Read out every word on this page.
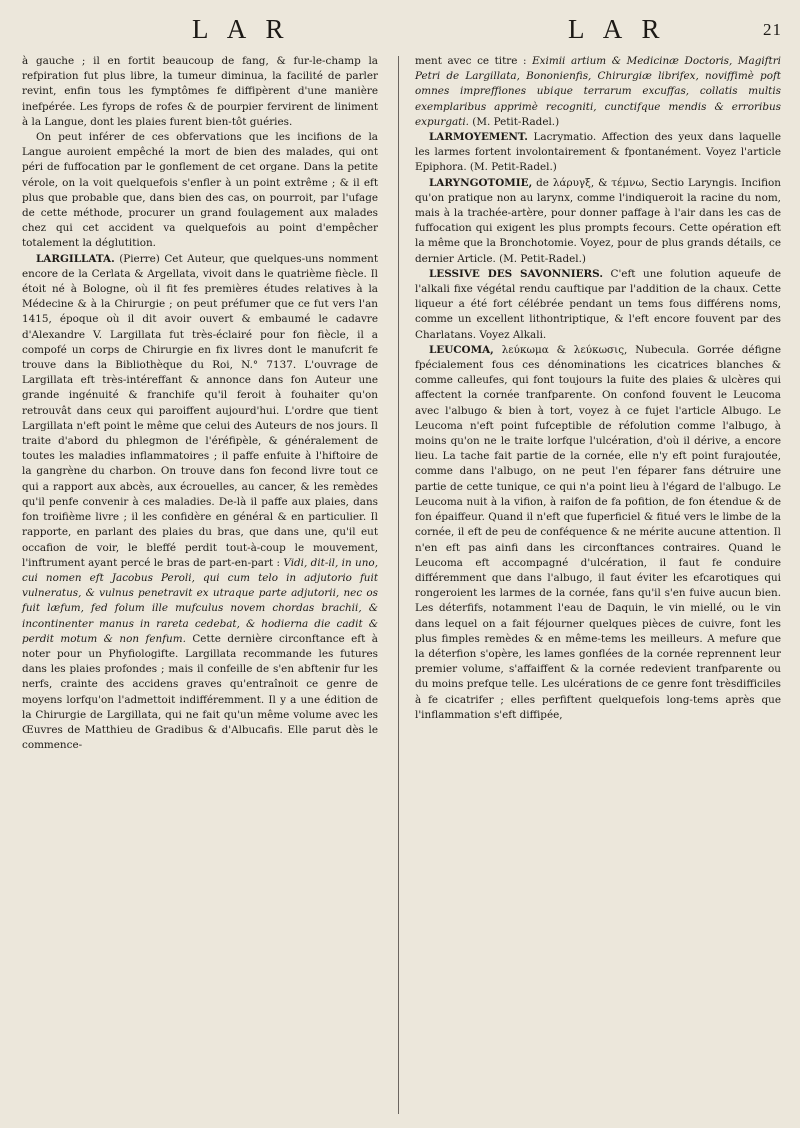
L A R	L A R	21

à gauche ; il en fortit beaucoup de fang, & fur-le-champ la refpiration fut plus libre, la tumeur diminua, la facilité de parler revint, enfin tous les fymptômes fe diffipèrent d'une manière inefpérée. Les fyrops de rofes & de pourpier fervirent de liniment à la Langue, dont les plaies furent bien-tôt guéries.

On peut inférer de ces obfervations que les incifions de la Langue auroient empêché la mort de bien des malades, qui ont péri de fuffocation par le gonflement de cet organe. Dans la petite vérole, on la voit quelquefois s'enfler à un point extrême ; & il eft plus que probable que, dans bien des cas, on pourroit, par l'ufage de cette méthode, procurer un grand foulagement aux malades chez qui cet accident va quelquefois au point d'empêcher totalement la déglutition.

LARGILLATA. (Pierre) Cet Auteur, que quelques-uns nomment encore de la Cerlata & Argellata, vivoit dans le quatrième fiècle. Il étoit né à Bologne, où il fit fes premières études relatives à la Médecine & à la Chirurgie ; on peut préfumer que ce fut vers l'an 1415, époque où il dit avoir ouvert & embaumé le cadavre d'Alexandre V. Largillata fut très-éclairé pour fon fiècle, il a compofé un corps de Chirurgie en fix livres dont le manufcrit fe trouve dans la Bibliothèque du Roi, N.° 7137. L'ouvrage de Largillata eft très-intéreffant & annonce dans fon Auteur une grande ingénuité & franchife qu'il feroit à fouhaiter qu'on retrouvât dans ceux qui paroiffent aujourd'hui. L'ordre que tient Largillata n'eft point le même que celui des Auteurs de nos jours. Il traite d'abord du phlegmon de l'éréfipèle, & généralement de toutes les maladies inflammatoires ; il paffe enfuite à l'hiftoire de la gangrène du charbon. On trouve dans fon fecond livre tout ce qui a rapport aux abcès, aux écrouelles, au cancer, & les remèdes qu'il penfe convenir à ces maladies. De-là il paffe aux plaies, dans fon troifième livre ; il les confidère en général & en particulier. Il rapporte, en parlant des plaies du bras, que dans une, qu'il eut occafion de voir, le bleffé perdit tout-à-coup le mouvement, l'inftrument ayant percé le bras de part-en-part : Vidi, dit-il, in uno, cui nomen eft Jacobus Peroli, qui cum telo in adjutorio fuit vulneratus, & vulnus penetravit ex utraque parte adjutorii, nec os fuit læfum, fed folum ille mufculus novem chordas brachii, & incontinenter manus in rareta cedebat, & hodierna die cadit & perdit motum & non fenfum. Cette dernière circonftance eft à noter pour un Phyfiologifte. Largillata recommande les futures dans les plaies profondes ; mais il confeille de s'en abftenir fur les nerfs, crainte des accidens graves qu'entraînoit ce genre de moyens lorfqu'on l'admettoit indifféremment. Il y a une édition de la Chirurgie de Largillata, qui ne fait qu'un même volume avec les Œuvres de Matthieu de Gradibus & d'Albucafis. Elle parut dès le commence-

ment avec ce titre : Eximii artium & Medicinæ Doctoris, Magiftri Petri de Largillata, Bononienfis, Chirurgiæ librifex, noviffimè poft omnes impreffiones ubique terrarum excuffas, collatis multis exemplaribus apprimè recogniti, cunctifque mendis & erroribus expurgati. (M. Petit-Radel.)

LARMOYEMENT. Lacrymatio. Affection des yeux dans laquelle les larmes fortent involontairement & fpontanément. Voyez l'article Epiphora. (M. Petit-Radel.)

LARYNGOTOMIE, de λάρυγξ, & τέμνω, Sectio Laryngis. Incifion qu'on pratique non au larynx, comme l'indiqueroit la racine du nom, mais à la trachée-artère, pour donner paffage à l'air dans les cas de fuffocation qui exigent les plus prompts fecours. Cette opération eft la même que la Bronchotomie. Voyez, pour de plus grands détails, ce dernier Article. (M. Petit-Radel.)

LESSIVE DES SAVONNIERS. C'eft une folution aqueufe de l'alkali fixe végétal rendu cauftique par l'addition de la chaux. Cette liqueur a été fort célébrée pendant un tems fous différens noms, comme un excellent lithontriptique, & l'eft encore fouvent par des Charlatans. Voyez Alkali.

LEUCOMA, λεύκωμα & λεύκωσις, Nubecula. Gorrée défigne fpécialement fous ces dénominations les cicatrices blanches & comme calleufes, qui font toujours la fuite des plaies & ulcères qui affectent la cornée tranfparente. On confond fouvent le Leucoma avec l'albugo & bien à tort, voyez à ce fujet l'article Albugo. Le Leucoma n'eft point fufceptible de réfolution comme l'albugo, à moins qu'on ne le traite lorfque l'ulcération, d'où il dérive, a encore lieu. La tache fait partie de la cornée, elle n'y eft point furajoutée, comme dans l'albugo, on ne peut l'en féparer fans détruire une partie de cette tunique, ce qui n'a point lieu à l'égard de l'albugo. Le Leucoma nuit à la vifion, à raifon de fa pofition, de fon étendue & de fon épaiffeur. Quand il n'eft que fuperficiel & fitué vers le limbe de la cornée, il eft de peu de conféquence & ne mérite aucune attention. Il n'en eft pas ainfi dans les circonftances contraires. Quand le Leucoma eft accompagné d'ulcération, il faut fe conduire différemment que dans l'albugo, il faut éviter les efcarotiques qui rongeroient les larmes de la cornée, fans qu'il s'en fuive aucun bien. Les déterfifs, notamment l'eau de Daquin, le vin miellé, ou le vin dans lequel on a fait féjourner quelques pièces de cuivre, font les plus fimples remèdes & en même-tems les meilleurs. A mefure que la déterfion s'opère, les lames gonflées de la cornée reprennent leur premier volume, s'affaiffent & la cornée redevient tranfparente ou du moins prefque telle. Les ulcérations de ce genre font trèsdifficiles à fe cicatrifer ; elles perfiftent quelquefois long-tems après que l'inflammation s'eft diffipée,
